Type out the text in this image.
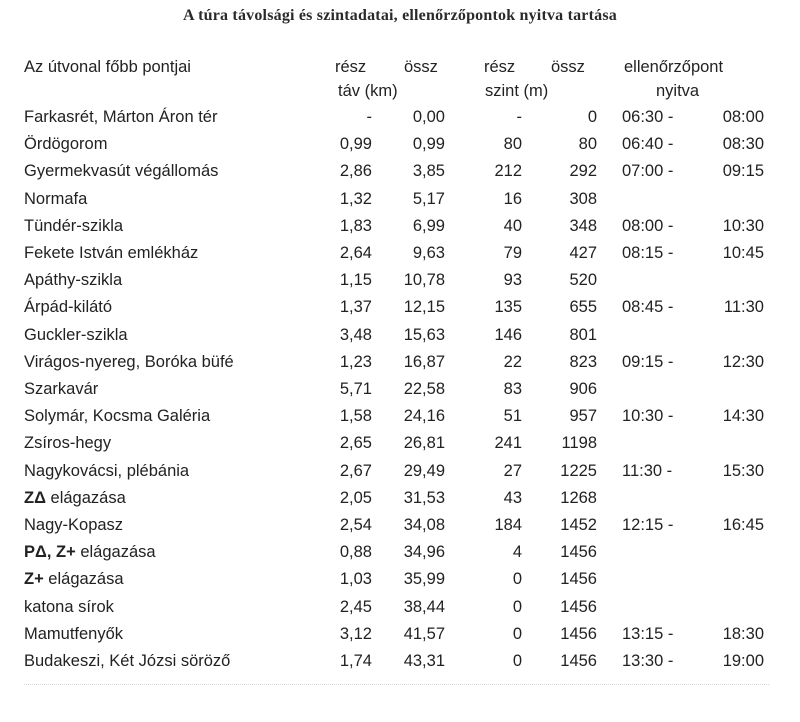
A túra távolsági és szintadatai, ellenőrzőpontok nyitva tartása
Az útvonal főbb pontjai	rész össz
táv (km)
rész össz
szint (m)
ellenőrzőpont
nyitva
Farkasrét, Márton Áron tér	-	0,00	-	0 06:30 -	08:00
Ördögorom	0,99	0,99	80	80 06:40 -	08:30
Gyermekvasút végállomás	2,86	3,85	212	292 07:00 -	09:15
Normafa	1,32	5,17	16	308
Tündér-szikla	1,83	6,99	40	348 08:00 -	10:30
Fekete István emlékház	2,64	9,63	79	427 08:15 -	10:45
Apáthy-szikla	1,15	10,78	93	520
Árpád-kilátó	1,37	12,15	135	655 08:45 -	11:30
Guckler-szikla	3,48	15,63	146	801
Virágos-nyereg, Boróka büfé	1,23	16,87	22	823 09:15 -	12:30
Szarkavár	5,71	22,58	83	906
Solymár, Kocsma Galéria	1,58	24,16	51	957 10:30 -	14:30
Zsíros-hegy	2,65	26,81	241	1198
Nagykovácsi, plébánia	2,67	29,49	27	1225 11:30 -	15:30
ZΔ elágazása	2,05	31,53	43	1268
Nagy-Kopasz	2,54	34,08	184	1452 12:15 -	16:45
PΔ, Z+ elágazása	0,88	34,96	4	1456
Z+ elágazása	1,03	35,99	0	1456
katona sírok	2,45	38,44	0	1456
Mamutfenyők	3,12	41,57	0	1456 13:15 -	18:30
Budakeszi, Két Józsi söröző	1,74	43,31	0	1456 13:30 -	19:00
